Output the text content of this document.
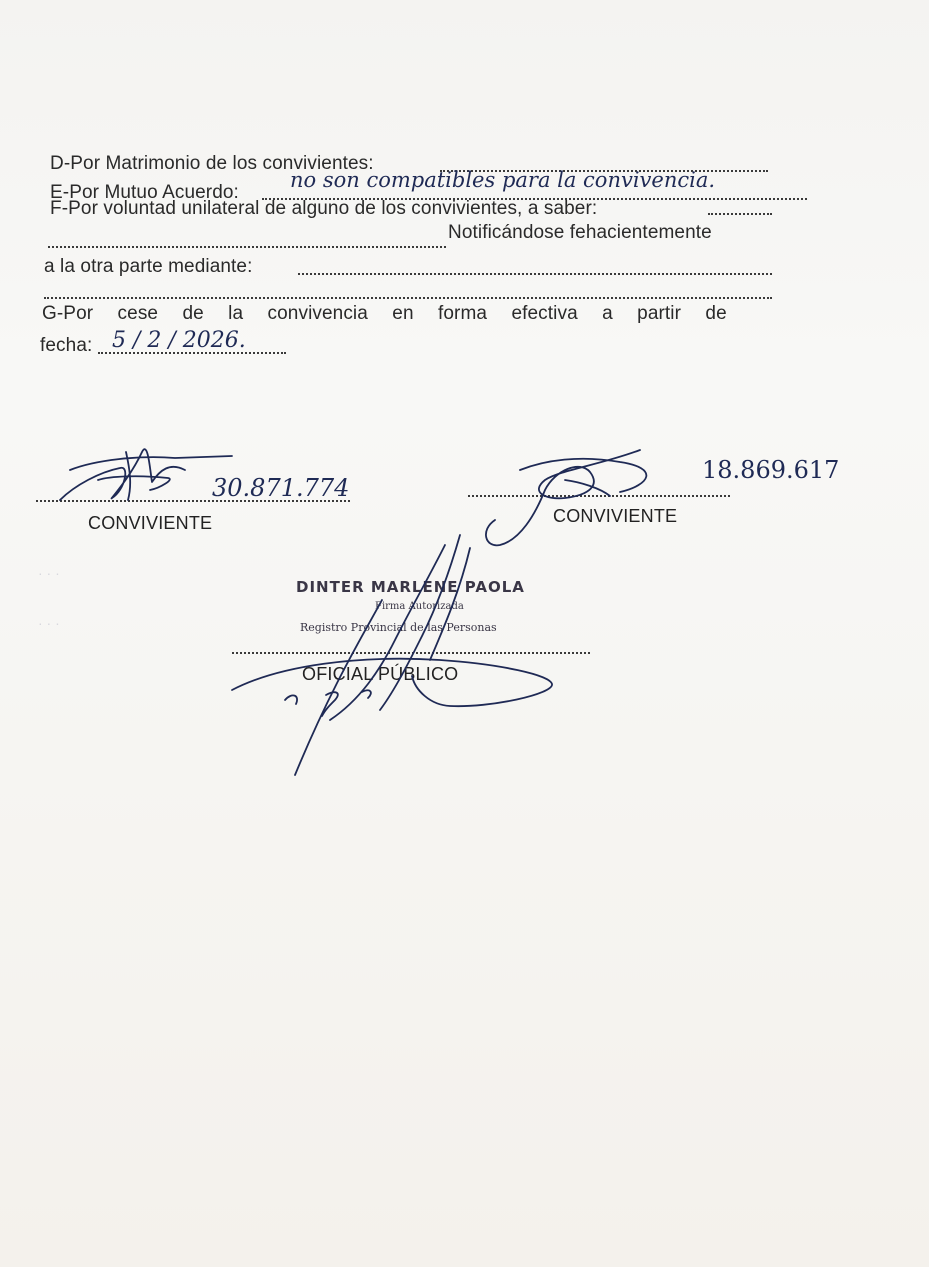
· · ·
· · ·
D-Por Matrimonio de los convivientes:
E-Por Mutuo Acuerdo:
no son compatibles para la convivencia.
F-Por voluntad unilateral de alguno de los convivientes, a saber:
Notificándose fehacientemente
a la otra parte mediante:
G-Por cese de la convivencia en forma efectiva a partir de
fecha: 5 / 2 / 2026.
30.871.774
CONVIVIENTE
18.869.617
CONVIVIENTE
DINTER MARLENE PAOLA
Firma Autorizada
Registro Provincial de las Personas
OFICIAL PÚBLICO
